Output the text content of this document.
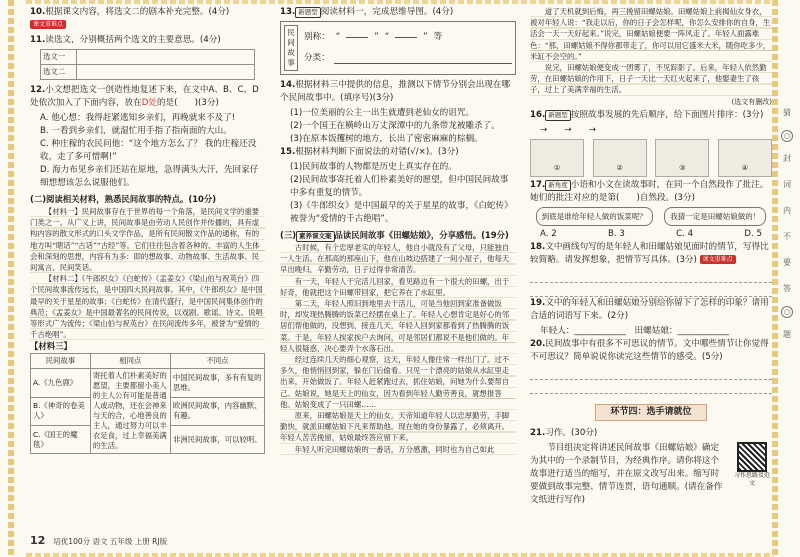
10.根据课文内容，将选文二的剧本补充完整。(4分) 课文重难点
11.读选文，分别概括两个选文的主要意思。(4分)
选文一	
选文二	
12.小文想把选文一创造性地复述下来，在文中A、B、C、D处依次加入了下面内容，放在D处的是(　　)(3分)
A. 他心想：我得赶紧逃知乡亲们，再晚就来不及了!
B. 一看到乡亲们，就湿忙用手指了指南面的大山。
C. 种庄稼的农民问他：“这个地方怎么了？ 我的庄稼还没收，走了多可惜啊!”
D. 海力布见乡亲们还站在原地，急得满头大汗，先回家仔细想想该怎么说服他们。
(二)阅读相关材料，熟悉民间故事的特点。(10分)
【材料一】民间故事存在于世界的每一个角落，是民间文学的重要门类之一。从广义上讲，民间故事是由劳动人民创作并传播的，具有虚构内容的散文形式的口头文学作品，是所有民间散文作品的通称，有的地方叫“瞎话”“古话”“古经”等。它们往往包含着各种的、丰富的人生体会和深刻的思想，内容有为多：即的想故事、动物故事、生活故事、民间寓言、民间笑话。
【材料二】《牛郎织女》《白蛇传》《孟姜女》《梁山伯与祝英台》四个民间故事流传远长，是中国四大民间故事。其中，《牛郎织女》是中国最早的关于星星的故事；《白蛇传》在清代盛行，是中国民间集体创作的典范；《孟姜女》是中国最著名的民间传说，以戏剧、歌谣、诗文、说唱等形式广为流传；《梁山伯与祝英台》在民间流传多年，被誉为“爱情的千古绝唱”。
【材料三】
民间故事	相同点	不同点
A.《九色鹿》	寄托着人们朴素美好的愿望，主要都留小美人的主人公有可能是普通人或动物，还在会神来与天的合，心地善良的主人，通过努力可以丰衣足食，过上幸福美满的生活。	中国民间故事，多有有复的思维。
B.《神奇的卷美人》		欧洲民间故事，内容幽默、有趣。
C.《国王的魔毯》		非洲民间故事，可以较明。
13. 新题型 阅读材料一，完成思维导图。(4分)
民间故事
别称： “	” “	” 等
分类：
14.根据材料三中提供的信息，推测以下情节分别会出现在哪个民间故事中。(填序号)(3分)
(1)一位美丽的公主一出生就遭到老仙女的诅咒。
(2)一个国王在横岭山万丈深潭中的九条带龙被雕杀了。
(3)在原本饭攫树的地方，长出了密密麻麻的棕榈。
15.根据材料判断下面说法的对错(√/×)。(3分)
(1)民间故事的人物都是历史上真实存在的。
(2)民间故事寄托着人们朴素美好的愿望，但中国民间故事中多有重复的情节。
(3)《牛郎织女》是中国最早的关于星星的故事，《白蛇传》被誉为“爱情的千古绝唱”。
(三) 素养课文案 品读民间故事《田螺姑娘》，分享感悟。(19分)
古时候，有个忠厚老实的年轻人，他自小就没有了父母，只能独自一人生活。在那高的那座山下，他在山坡边搭建了一间小屋子，他每天早出晚归，辛勤劳动，日子过得非常清苦。
有一天，年轻人干完活儿回家，看见路边有一个很大的田螺，出于好奇，他就把这个田螺带回家，把它养在了水缸里。
第二天，年轻人照旧到地里去干活儿，可是当他回到家准备做饭时，却发现热腾腾的饭菜已经摆在桌上了。年轻人心想肯定是好心的邻居们帮他做的，没想到，接连几天，年轻人回到家都看到了热腾腾的饭菜。于是，年轻人挨家挨户去询问，可是邻居们都说不是他们做的。年轻人很疑惑，决心要弄个水落石出。
经过连续几天的细心观察，这天，年轻人像往常一样出门了。过不多久，他悄悄回到家，躲在门后偷看。只见一个漂亮的姑娘从水缸里走出来，开始做饭了。年轻人赶紧跑过去，抓住姑娘，问她为什么要帮自己。姑娘说，她是天上的仙女，因为看到年轻人勤劳善良，就想报答他。姑娘变成了一只田螺……
原来，田螺姑娘是天上的仙女。天帝知道年轻人以忠厚勤劳，手脚勤快，就派田螺姑娘下凡来帮助他。现在她的身份暴露了，必须离开。年轻人苦苦挽留，姑娘最终答应留下来。
年轻人听完田螺姑娘的一番话，万分感激，同时也为自己如此
道了天机就到后悔，再三挽留田螺姑娘。田螺姑娘上前揭仙女身衣，被对年轻人说：“我走以后，你的日子会怎样呢，你怎么安排你的自身，生活会一天一天好起来。”说完，田螺姑娘便要一阵风走了。年轻人面露难色：“那，田螺姑娘不得你都带走了，你可以用它盛米大米，随你吃多少，米缸不会空的。”
说完，田螺姑娘便变成一团雾了，不见踪影了。后来，年轻人依然勤劳，在田螺姑娘的作用下，日子一天比一天红火起来了，他娶妻生了孩子，过上了美满幸福的生活。
(选文有删改)
16. 新题型 按照故事发展的先后顺序，给下面图片排序：(3分)
→　　→　　→
①	②	③	④
17. 新角度 小语和小文在读故事时，在同一个自然段作了批注。她们的批注对应的是第(　　)自然段。(3分)
到底是谁给年轻人做的饭菜呢？	我猜一定是田螺姑娘做的！
A. 2	B. 3	C. 4	D. 5
18.文中画线句写的是年轻人和田螺姑娘见面时的情节，写得比较简略。请发挥想象，把情节写具体。(3分) 课文重难点
19.文中的年轻人和田螺姑娘分别给你留下了怎样的印象？请用合适的词语写下来。(2分)
年轻人：____________　田螺姑娘：____________
20.民间故事中有很多不可思议的情节。文中哪些情节让你觉得不可思议？简单说说你读完这些情节的感受。(5分)
环节四：选手请就位
21.习作。(30分)
节目组决定将讲述民间故事《田螺姑娘》确定为其中的一个录制节目，为经典作序。请你将这个故事进行适当的缩写，并在原文改写出来。缩写时要做到故事完整、情节连贯，语句通顺。(请在备作文纸进行写作)
习作思路及范文
猜
○
封
词
内
不
要
答
○
题
12 培优100分 语文 五年级 上册 RJ版
